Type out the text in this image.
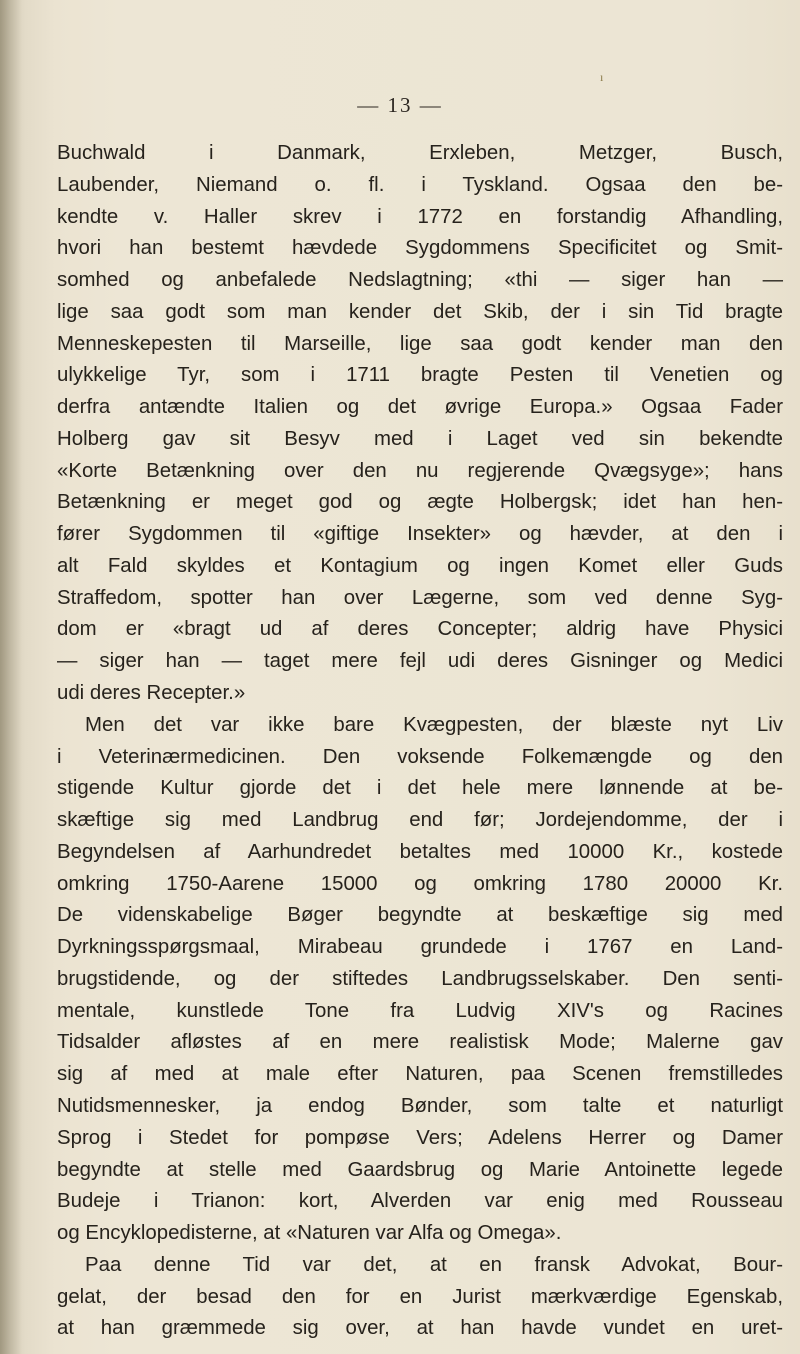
ı
— 13 —
Buchwald i Danmark, Erxleben, Metzger, Busch,
Laubender, Niemand o. fl. i Tyskland. Ogsaa den be-
kendte v. Haller skrev i 1772 en forstandig Afhandling,
hvori han bestemt hævdede Sygdommens Specificitet og Smit-
somhed og anbefalede Nedslagtning; «thi — siger han —
lige saa godt som man kender det Skib, der i sin Tid bragte
Menneskepesten til Marseille, lige saa godt kender man den
ulykkelige Tyr, som i 1711 bragte Pesten til Venetien og
derfra antændte Italien og det øvrige Europa.» Ogsaa Fader
Holberg gav sit Besyv med i Laget ved sin bekendte
«Korte Betænkning over den nu regjerende Qvægsyge»; hans
Betænkning er meget god og ægte Holbergsk; idet han hen-
fører Sygdommen til «giftige Insekter» og hævder, at den i
alt Fald skyldes et Kontagium og ingen Komet eller Guds
Straffedom, spotter han over Lægerne, som ved denne Syg-
dom er «bragt ud af deres Concepter; aldrig have Physici
— siger han — taget mere fejl udi deres Gisninger og Medici
udi deres Recepter.»
Men det var ikke bare Kvægpesten, der blæste nyt Liv
i Veterinærmedicinen. Den voksende Folkemængde og den
stigende Kultur gjorde det i det hele mere lønnende at be-
skæftige sig med Landbrug end før; Jordejendomme, der i
Begyndelsen af Aarhundredet betaltes med 10000 Kr., kostede
omkring 1750-Aarene 15000 og omkring 1780 20000 Kr.
De videnskabelige Bøger begyndte at beskæftige sig med
Dyrkningsspørgsmaal, Mirabeau grundede i 1767 en Land-
brugstidende, og der stiftedes Landbrugsselskaber. Den senti-
mentale, kunstlede Tone fra Ludvig XIV's og Racines
Tidsalder afløstes af en mere realistisk Mode; Malerne gav
sig af med at male efter Naturen, paa Scenen fremstilledes
Nutidsmennesker, ja endog Bønder, som talte et naturligt
Sprog i Stedet for pompøse Vers; Adelens Herrer og Damer
begyndte at stelle med Gaardsbrug og Marie Antoinette legede
Budeje i Trianon: kort, Alverden var enig med Rousseau
og Encyklopedisterne, at «Naturen var Alfa og Omega».
Paa denne Tid var det, at en fransk Advokat, Bour-
gelat, der besad den for en Jurist mærkværdige Egenskab,
at han græmmede sig over, at han havde vundet en uret-
